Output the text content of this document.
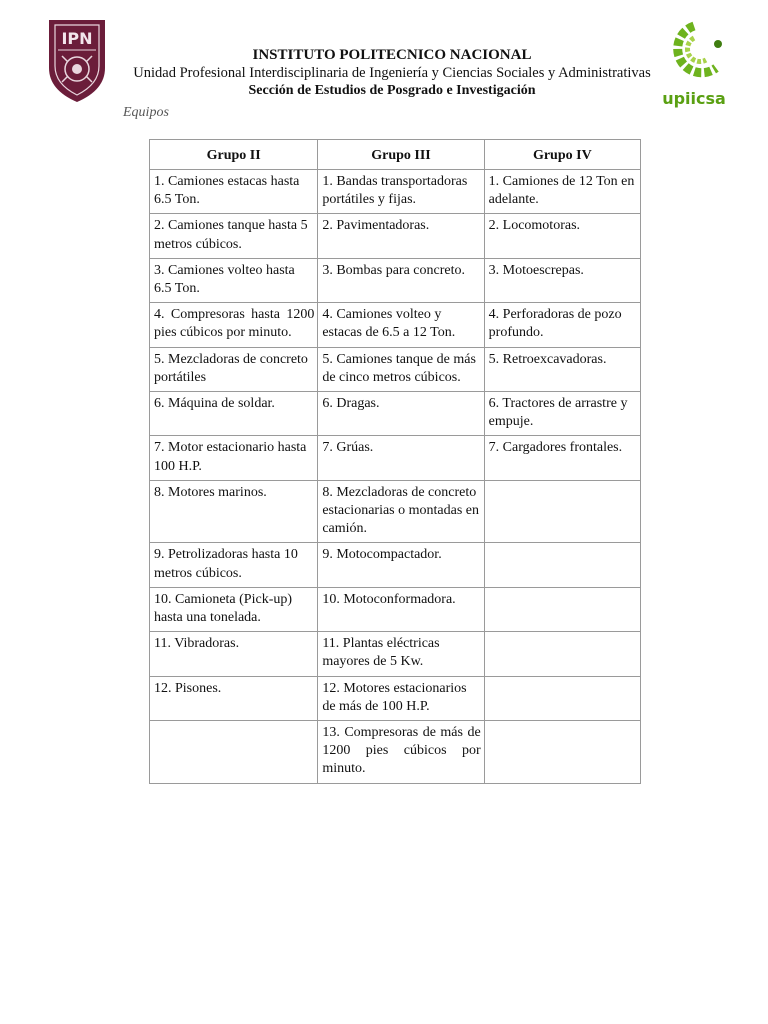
IPN
upiicsa
INSTITUTO POLITECNICO NACIONAL
Unidad Profesional Interdisciplinaria de Ingeniería y Ciencias Sociales y Administrativas
Sección de Estudios de Posgrado e Investigación
Equipos
Grupo II	Grupo III	Grupo IV
1. Camiones estacas hasta 6.5 Ton.	1. Bandas transportadoras portátiles y fijas.	1. Camiones de 12 Ton en adelante.
2. Camiones tanque hasta 5 metros cúbicos.	2. Pavimentadoras.	2. Locomotoras.
3. Camiones volteo hasta 6.5 Ton.	3. Bombas para concreto.	3. Motoescrepas.
4. Compresoras hasta 1200 pies cúbicos por minuto.	4. Camiones volteo y estacas de 6.5 a 12 Ton.	4. Perforadoras de pozo profundo.
5. Mezcladoras de concreto portátiles	5. Camiones tanque de más de cinco metros cúbicos.	5. Retroexcavadoras.
6. Máquina de soldar.	6. Dragas.	6. Tractores de arrastre y empuje.
7. Motor estacionario hasta 100 H.P.	7. Grúas.	7. Cargadores frontales.
8. Motores marinos.	8. Mezcladoras de concreto estacionarias o montadas en camión.	
9. Petrolizadoras hasta 10 metros cúbicos.	9. Motocompactador.	
10. Camioneta (Pick-up) hasta una tonelada.	10. Motoconformadora.	
11. Vibradoras.	11. Plantas eléctricas mayores de 5 Kw.	
12. Pisones.	12. Motores estacionarios de más de 100 H.P.	
	13. Compresoras de más de 1200 pies cúbicos por minuto.	
